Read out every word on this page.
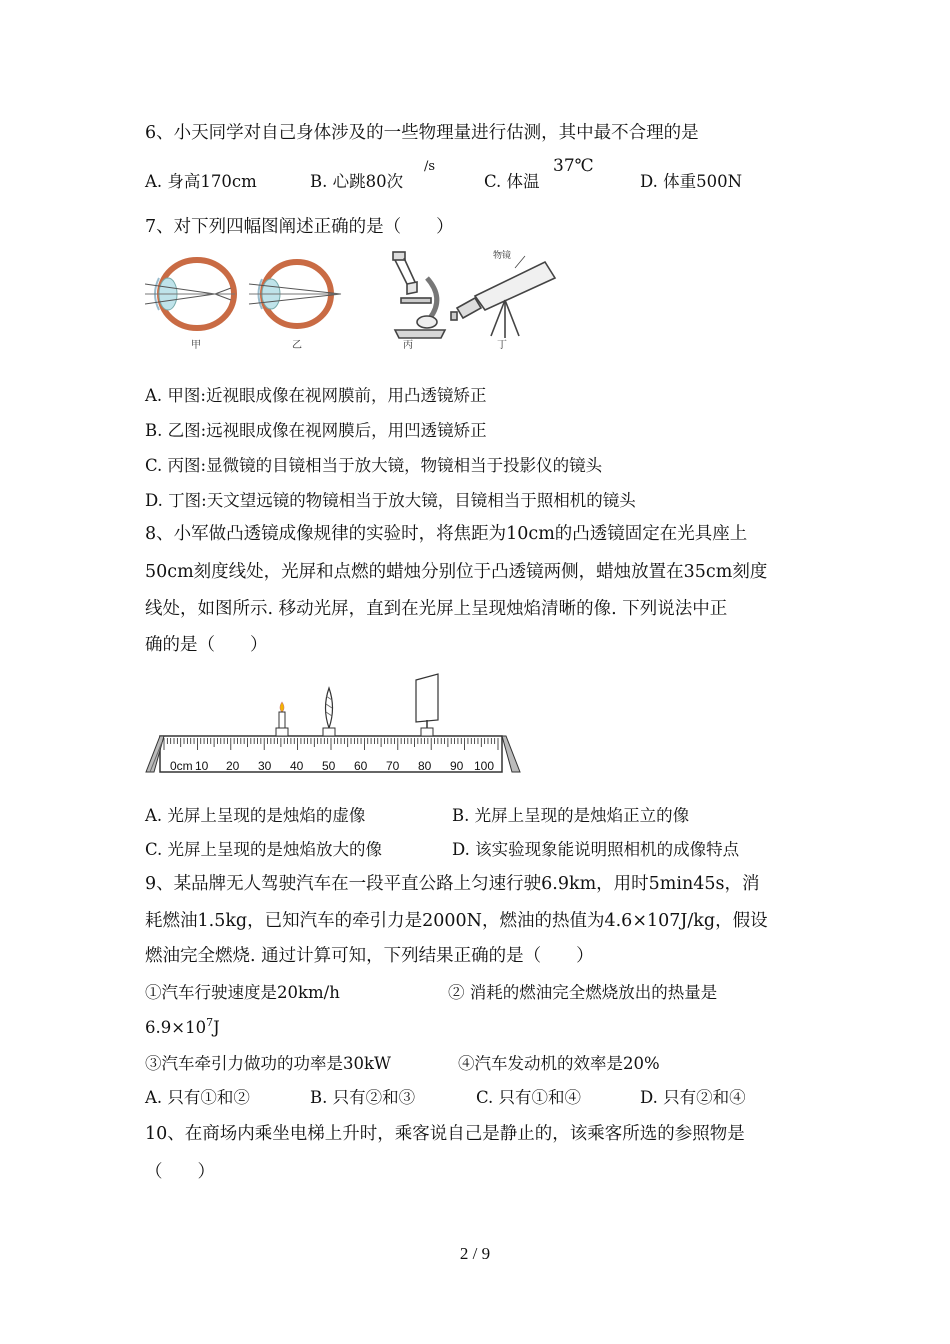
6、小天同学对自己身体涉及的一些物理量进行估测，其中最不合理的是
A. 身高170cm	B. 心跳80次
/s
C. 体温
37℃
D. 体重500N
7、对下列四幅图阐述正确的是（　　）
甲	乙	丙
物镜
丁
A. 甲图:近视眼成像在视网膜前，用凸透镜矫正
B. 乙图:远视眼成像在视网膜后，用凹透镜矫正
C. 丙图:显微镜的目镜相当于放大镜，物镜相当于投影仪的镜头
D. 丁图:天文望远镜的物镜相当于放大镜，目镜相当于照相机的镜头
8、小军做凸透镜成像规律的实验时，将焦距为10cm的凸透镜固定在光具座上
50cm刻度线处，光屏和点燃的蜡烛分别位于凸透镜两侧，蜡烛放置在35cm刻度
线处，如图所示. 移动光屏，直到在光屏上呈现烛焰清晰的像. 下列说法中正
确的是（　　）
0cm 10 20 30 40 50 60 70 80 90 100
A. 光屏上呈现的是烛焰的虚像	B. 光屏上呈现的是烛焰正立的像
C. 光屏上呈现的是烛焰放大的像	D. 该实验现象能说明照相机的成像特点
9、某品牌无人驾驶汽车在一段平直公路上匀速行驶6.9km，用时5min45s，消
耗燃油1.5kg，已知汽车的牵引力是2000N，燃油的热值为4.6×107J/kg，假设
燃油完全燃烧. 通过计算可知，下列结果正确的是（　　）
①汽车行驶速度是20km/h	② 消耗的燃油完全燃烧放出的热量是
$6.9\times 10^7J$
③汽车牵引力做功的功率是30kW	④汽车发动机的效率是20%
A. 只有①和②	B. 只有②和③	C. 只有①和④	D. 只有②和④
10、在商场内乘坐电梯上升时，乘客说自己是静止的，该乘客所选的参照物是
（　　）
2 / 9
